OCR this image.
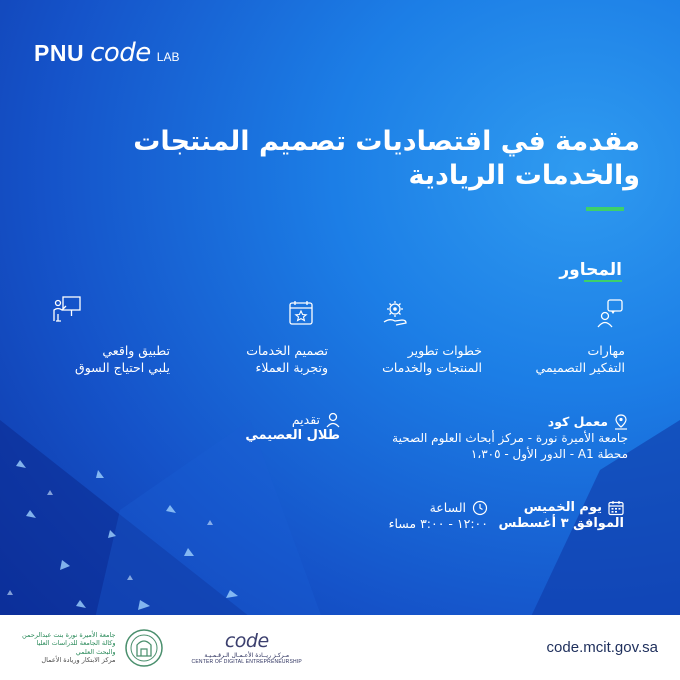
PNU code LAB
مقدمة في اقتصاديات تصميم المنتجات
والخدمات الريادية
المحاور
مهارات
التفكير التصميمي
خطوات تطوير
المنتجات والخدمات
تصميم الخدمات
وتجربة العملاء
تطبيق واقعي
يلبي احتياج السوق
معمل كود
جامعة الأميرة نورة - مركز أبحاث العلوم الصحية
محطة A1 - الدور الأول - ١،٣٠٥
تقديم
طلال العصيمي
يوم الخميس
الموافق ٣ أغسطس
الساعة
١٢:٠٠ - ٣:٠٠ مساء
جامعة الأميرة نورة بنت عبدالرحمن
وكالة الجامعة للدراسات العليا
والبحث العلمي
مركز الابتكار وريادة الأعمال
code
مـركـز ريــادة الأعـمـال الـرقـمـيـة
CENTER OF DIGITAL ENTREPRENEURSHIP
code.mcit.gov.sa
